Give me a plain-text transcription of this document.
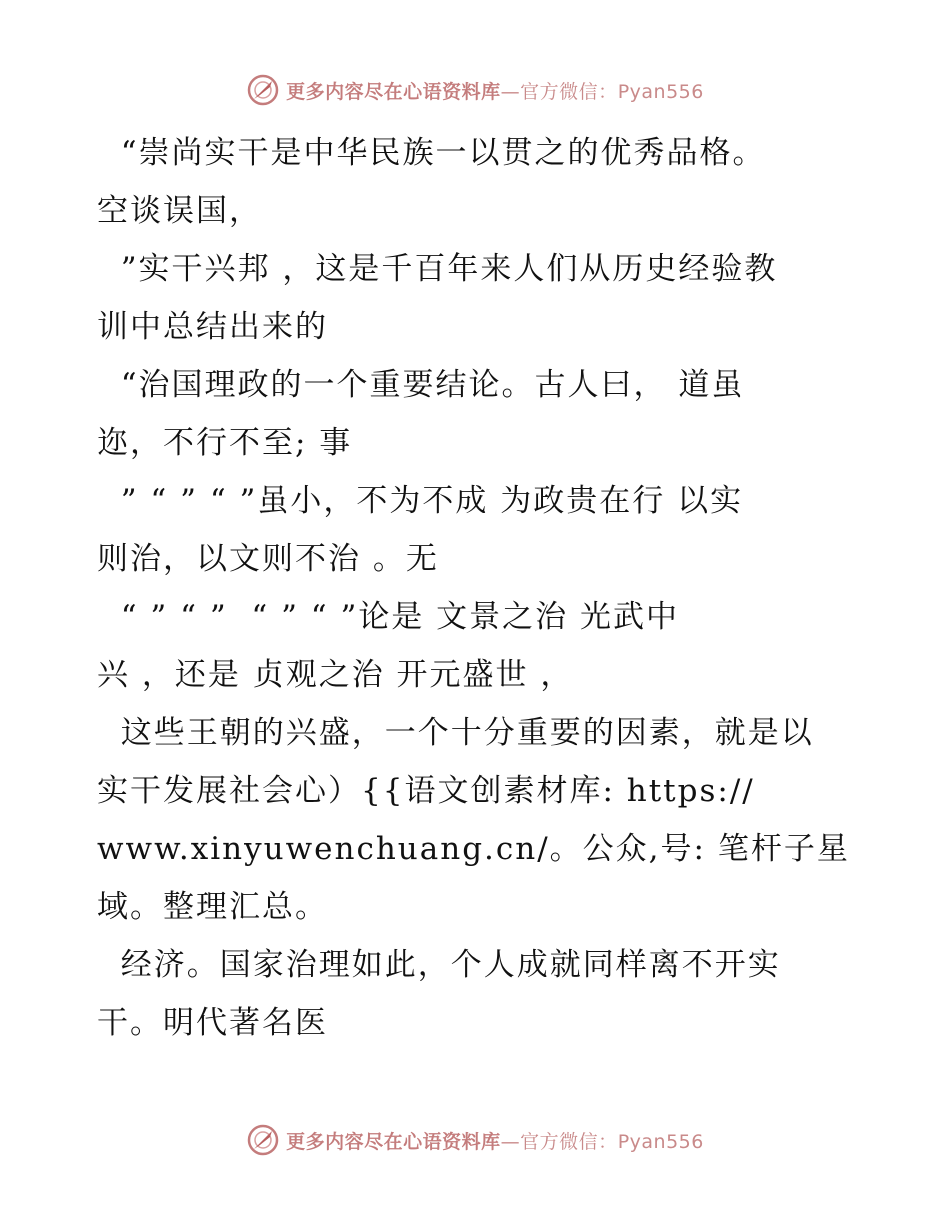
更多内容尽在心语资料库—官方微信：Pyan556
“崇尚实干是中华民族一以贯之的优秀品格。
空谈误国，
”实干兴邦 ，这是千百年来人们从历史经验教
训中总结出来的
“治国理政的一个重要结论。古人曰， 道虽
迩，不行不至; 事
” “ ” “ ”虽小，不为不成 为政贵在行 以实
则治，以文则不治 。无
“ ” “ ”  “ ” “ ”论是 文景之治 光武中
兴 ，还是 贞观之治 开元盛世 ，
这些王朝的兴盛，一个十分重要的因素，就是以
实干发展社会心）{{语文创素材库: https://
www.xinyuwenchuang.cn/。公众,号: 笔杆子星
域。整理汇总。
经济。国家治理如此，个人成就同样离不开实
干。明代著名医
更多内容尽在心语资料库—官方微信：Pyan556
